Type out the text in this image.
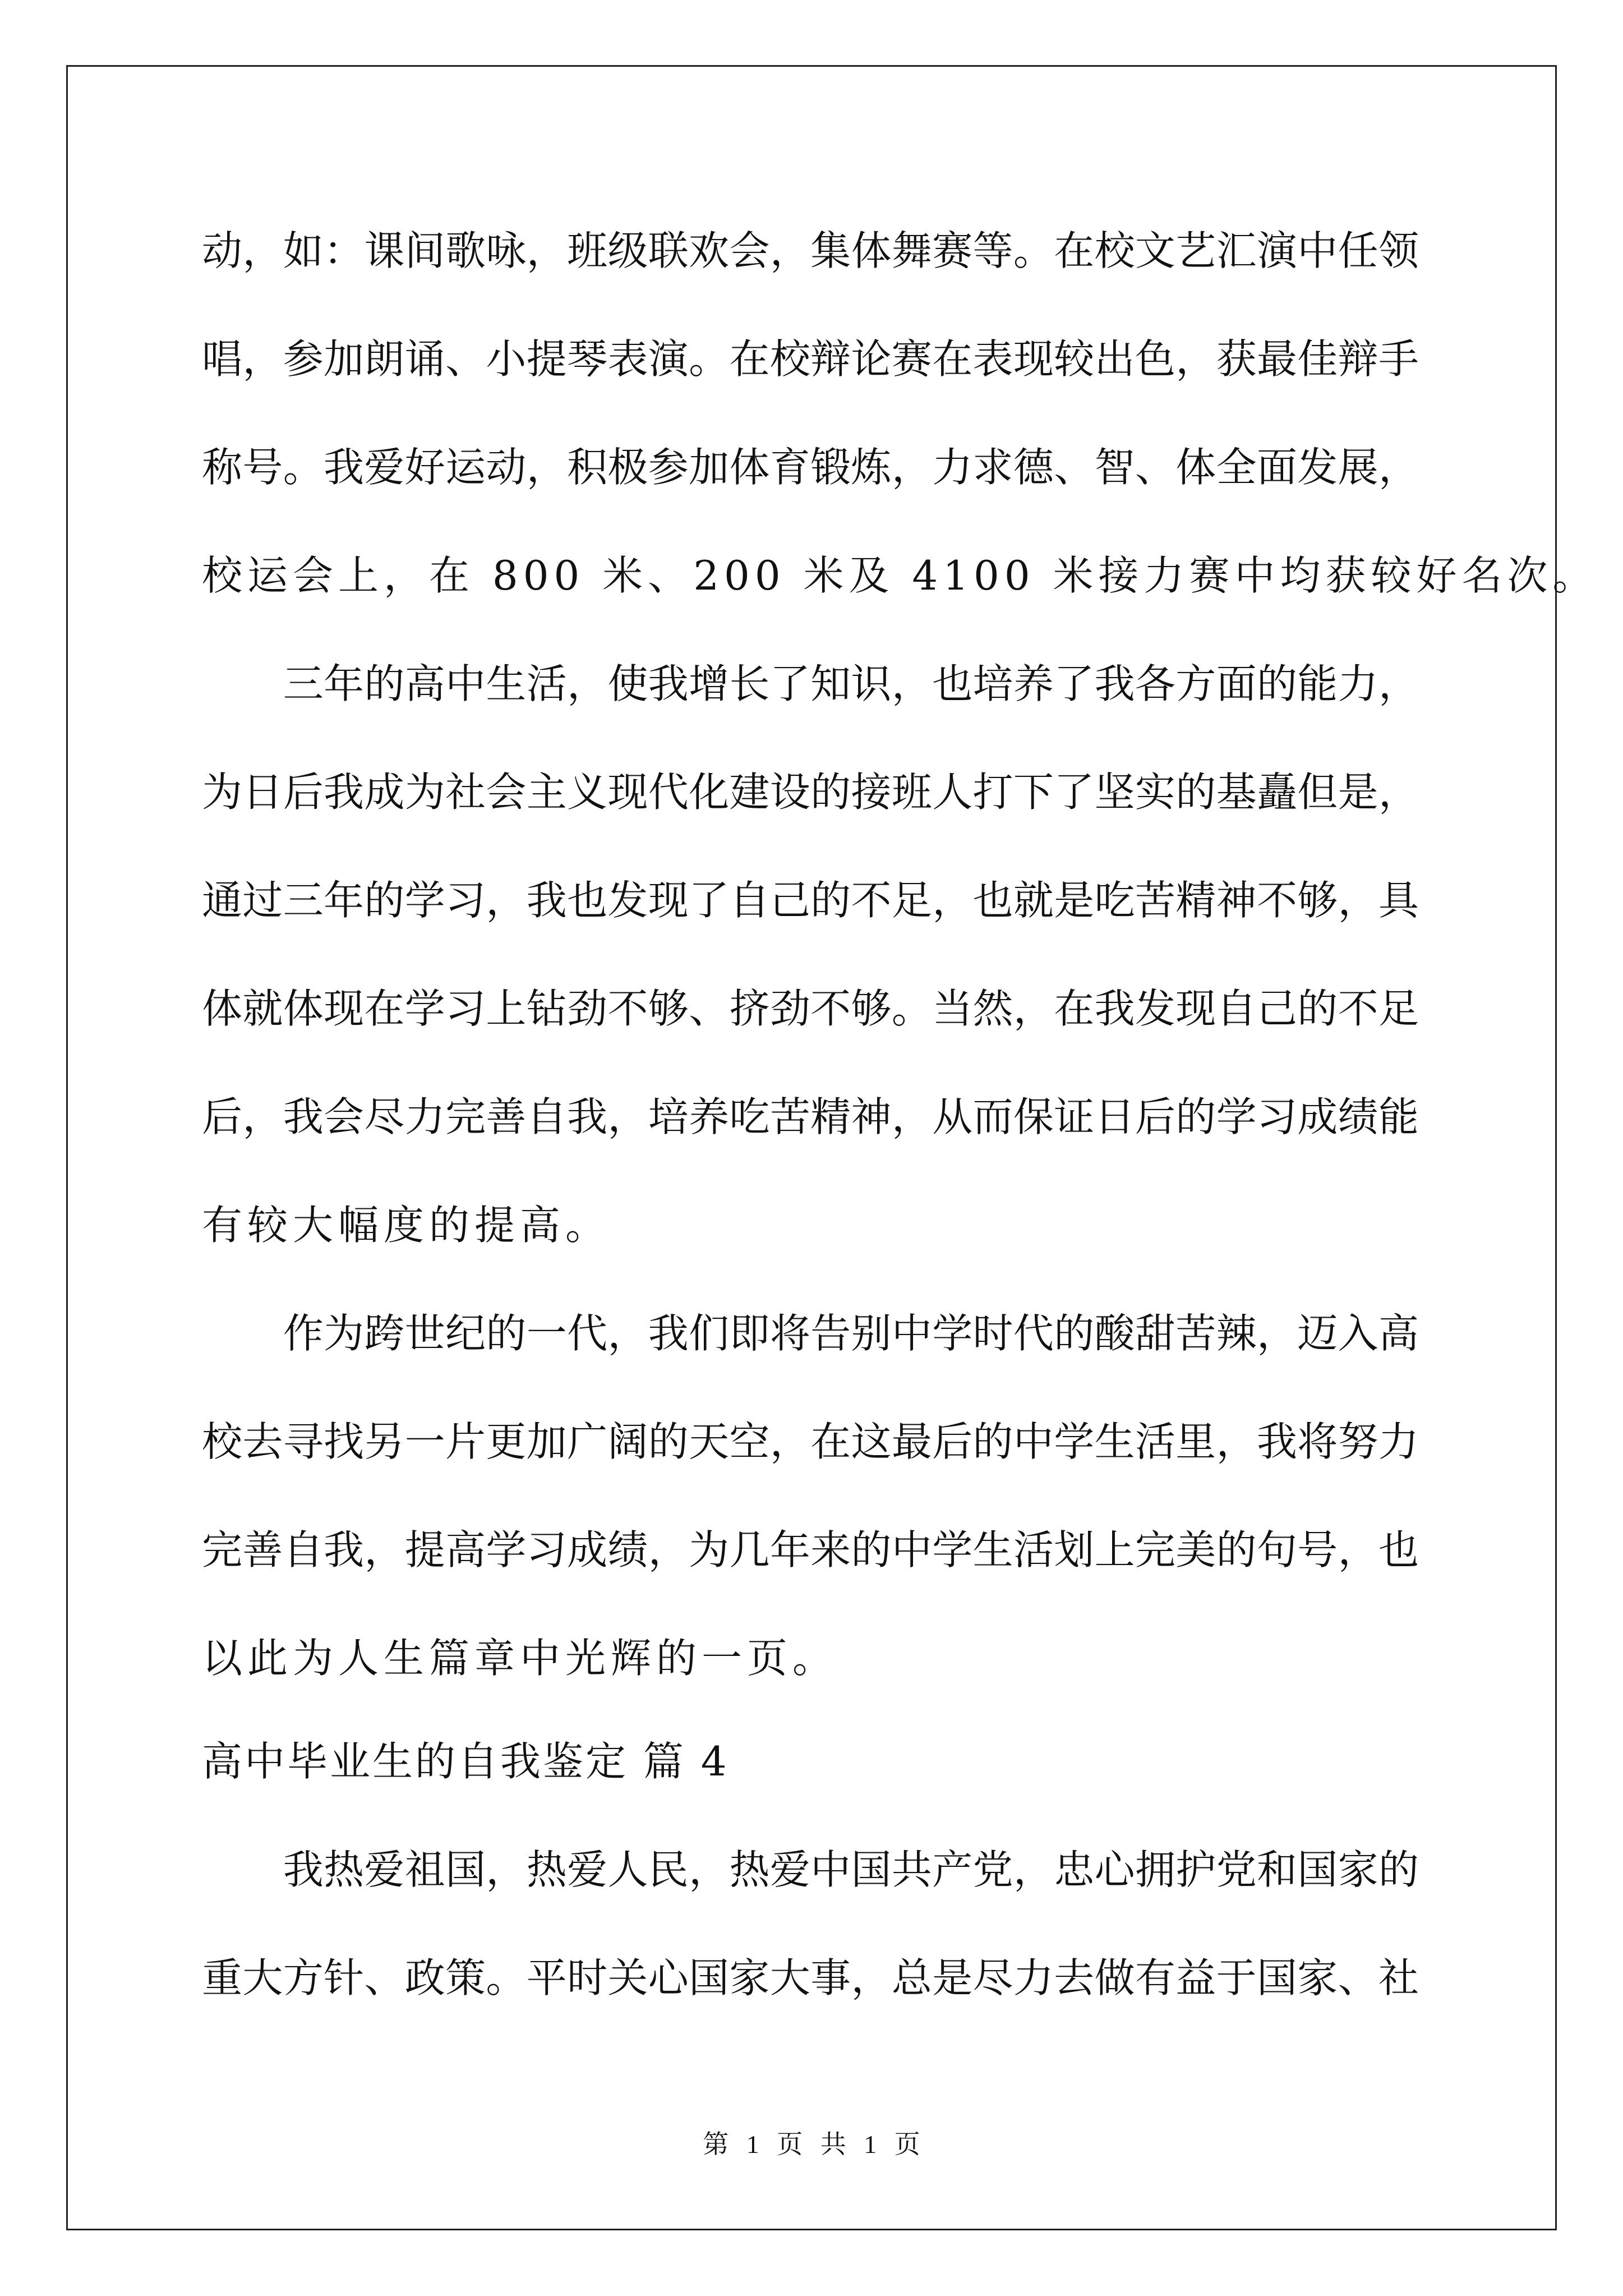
动，如：课间歌咏，班级联欢会，集体舞赛等。在校文艺汇演中任领
唱，参加朗诵、小提琴表演。在校辩论赛在表现较出色，获最佳辩手
称号。我爱好运动，积极参加体育锻炼，力求德、智、体全面发展，
校运会上，在 800 米、200 米及 4100 米接力赛中均获较好名次。
　　三年的高中生活，使我增长了知识，也培养了我各方面的能力，
为日后我成为社会主义现代化建设的接班人打下了坚实的基矗但是，
通过三年的学习，我也发现了自己的不足，也就是吃苦精神不够，具
体就体现在学习上钻劲不够、挤劲不够。当然，在我发现自己的不足
后，我会尽力完善自我，培养吃苦精神，从而保证日后的学习成绩能
有较大幅度的提高。
　　作为跨世纪的一代，我们即将告别中学时代的酸甜苦辣，迈入高
校去寻找另一片更加广阔的天空，在这最后的中学生活里，我将努力
完善自我，提高学习成绩，为几年来的中学生活划上完美的句号，也
以此为人生篇章中光辉的一页。
高中毕业生的自我鉴定 篇 4
　　我热爱祖国，热爱人民，热爱中国共产党，忠心拥护党和国家的
重大方针、政策。平时关心国家大事，总是尽力去做有益于国家、社
第 1 页 共 1 页
